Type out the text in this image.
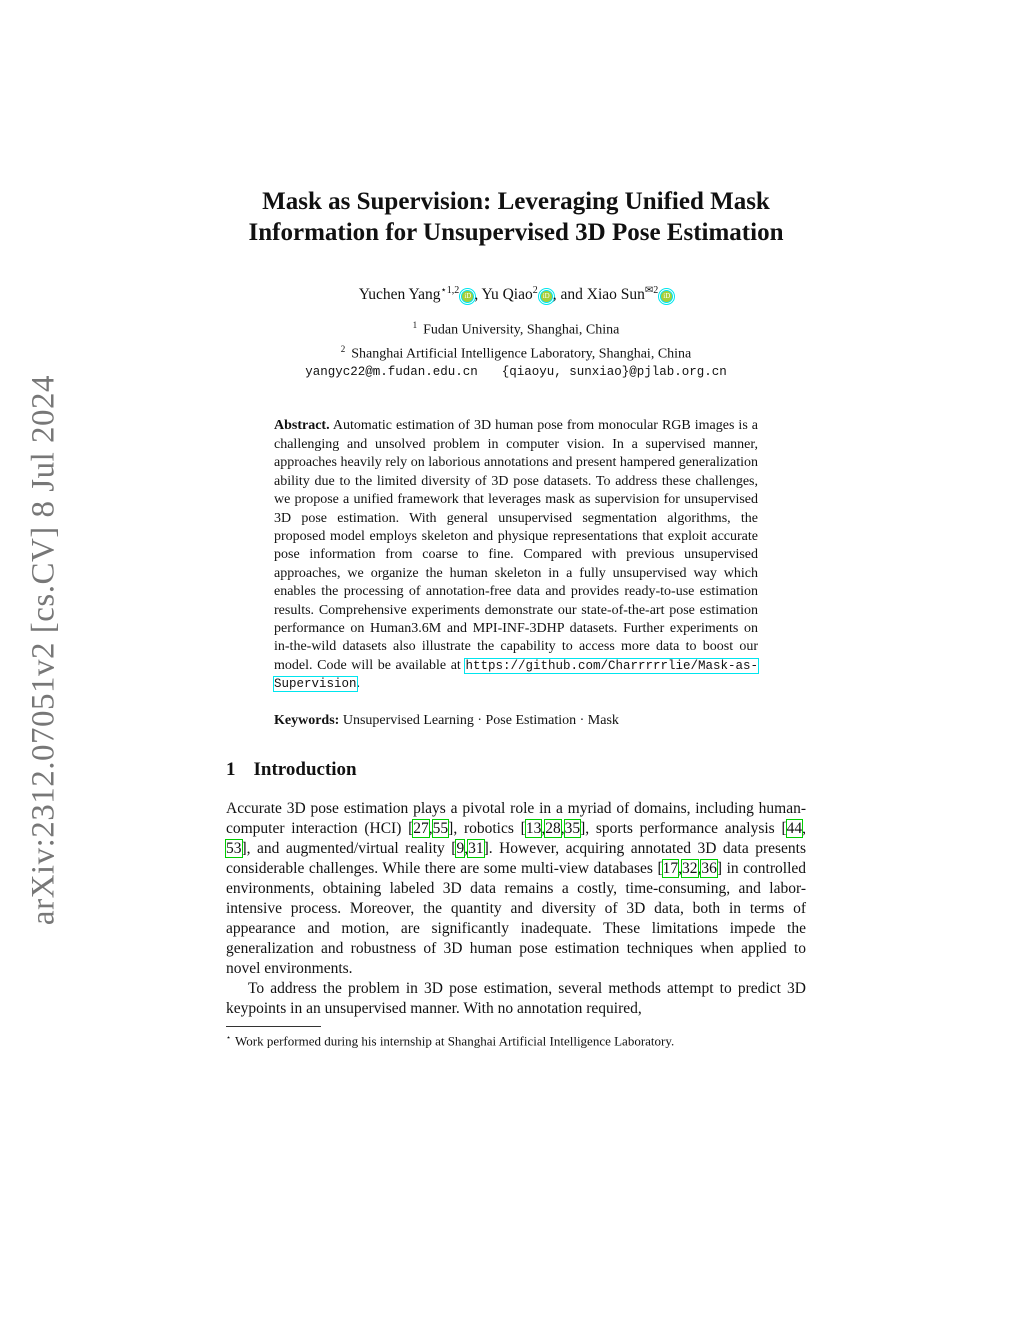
arXiv:2312.07051v2 [cs.CV] 8 Jul 2024
Mask as Supervision: Leveraging Unified Mask
Information for Unsupervised 3D Pose Estimation
Yuchen Yang$^{⋆1,2}$iD , Yu Qiao$^2$iD , and Xiao Sun$^{✉2}$iD
$^1$ Fudan University, Shanghai, China
$^2$ Shanghai Artificial Intelligence Laboratory, Shanghai, China
yangyc22@m.fudan.edu.cn {qiaoyu, sunxiao}@pjlab.org.cn
Abstract. Automatic estimation of 3D human pose from monocular RGB images is a challenging and unsolved problem in computer vision. In a supervised manner, approaches heavily rely on laborious annotations and present hampered generalization ability due to the limited diversity of 3D pose datasets. To address these challenges, we propose a unified framework that leverages mask as supervision for unsupervised 3D pose estimation. With general unsupervised segmentation algorithms, the proposed model employs skeleton and physique representations that exploit accurate pose information from coarse to fine. Compared with previous unsupervised approaches, we organize the human skeleton in a fully unsupervised way which enables the processing of annotation-free data and provides ready-to-use estimation results. Comprehensive experiments demonstrate our state-of-the-art pose estimation performance on Human3.6M and MPI-INF-3DHP datasets. Further experiments on in-the-wild datasets also illustrate the capability to access more data to boost our model. Code will be available at https://github.com/Charrrrrlie/Mask-as-Supervision.
Keywords: Unsupervised Learning · Pose Estimation · Mask
1 Introduction

Accurate 3D pose estimation plays a pivotal role in a myriad of domains, including human-computer interaction (HCI) [27,55], robotics [13,28,35], sports performance analysis [44, 53], and augmented/virtual reality [9,31]. However, acquiring annotated 3D data presents considerable challenges. While there are some multi-view databases [17,32,36] in controlled environments, obtaining labeled 3D data remains a costly, time-consuming, and labor-intensive process. Moreover, the quantity and diversity of 3D data, both in terms of appearance and motion, are significantly inadequate. These limitations impede the generalization and robustness of 3D human pose estimation techniques when applied to novel environments.

To address the problem in 3D pose estimation, several methods attempt to predict 3D keypoints in an unsupervised manner. With no annotation required,

⋆ Work performed during his internship at Shanghai Artificial Intelligence Laboratory.
